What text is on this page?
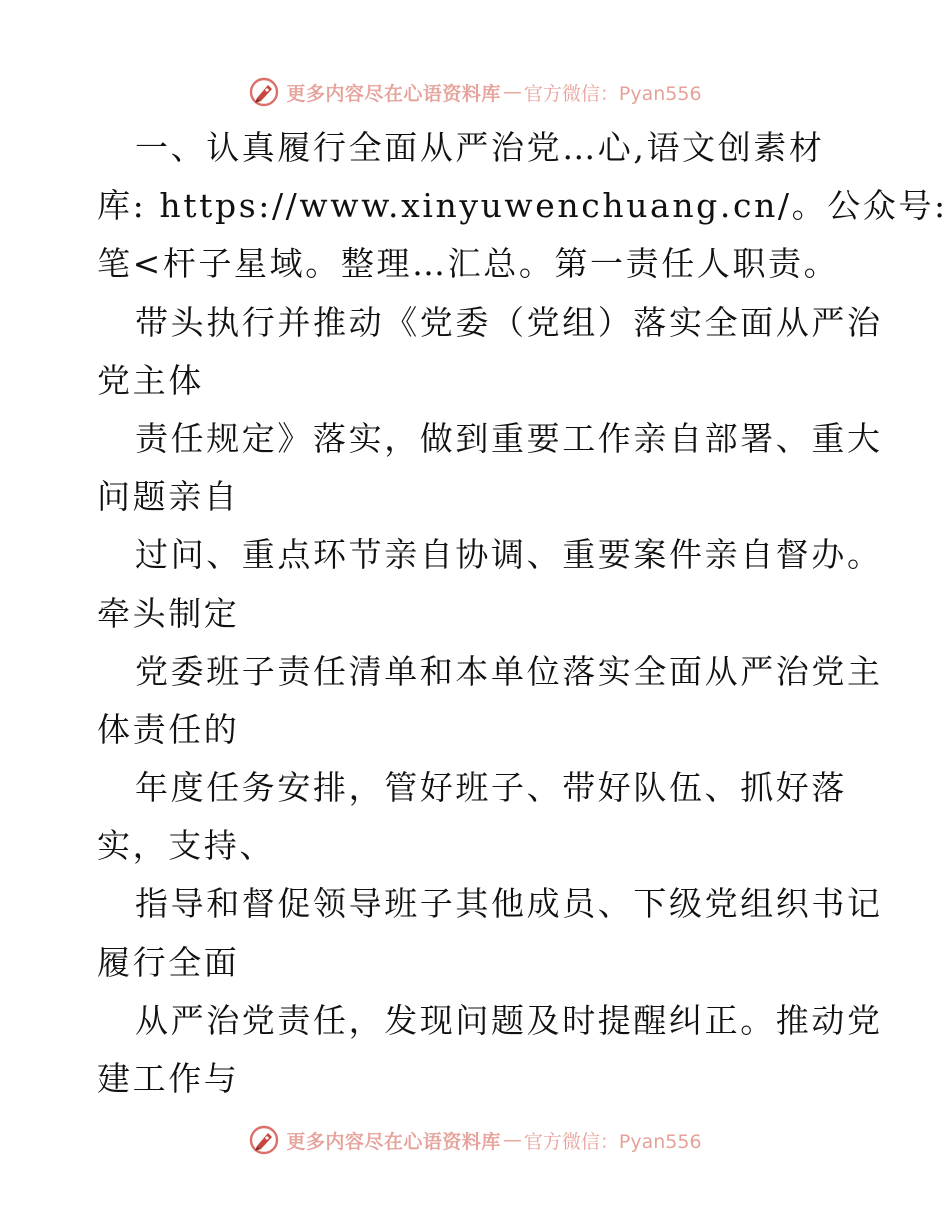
更多内容尽在心语资料库 — 官方微信：Pyan556
一、认真履行全面从严治党…心,语文创素材
库: https://www.xinyuwenchuang.cn/。公众号:
笔<杆子星域。整理…汇总。第一责任人职责。
带头执行并推动《党委（党组）落实全面从严治
党主体
责任规定》落实，做到重要工作亲自部署、重大
问题亲自
过问、重点环节亲自协调、重要案件亲自督办。
牵头制定
党委班子责任清单和本单位落实全面从严治党主
体责任的
年度任务安排，管好班子、带好队伍、抓好落
实，支持、
指导和督促领导班子其他成员、下级党组织书记
履行全面
从严治党责任，发现问题及时提醒纠正。推动党
建工作与
更多内容尽在心语资料库 — 官方微信：Pyan556
